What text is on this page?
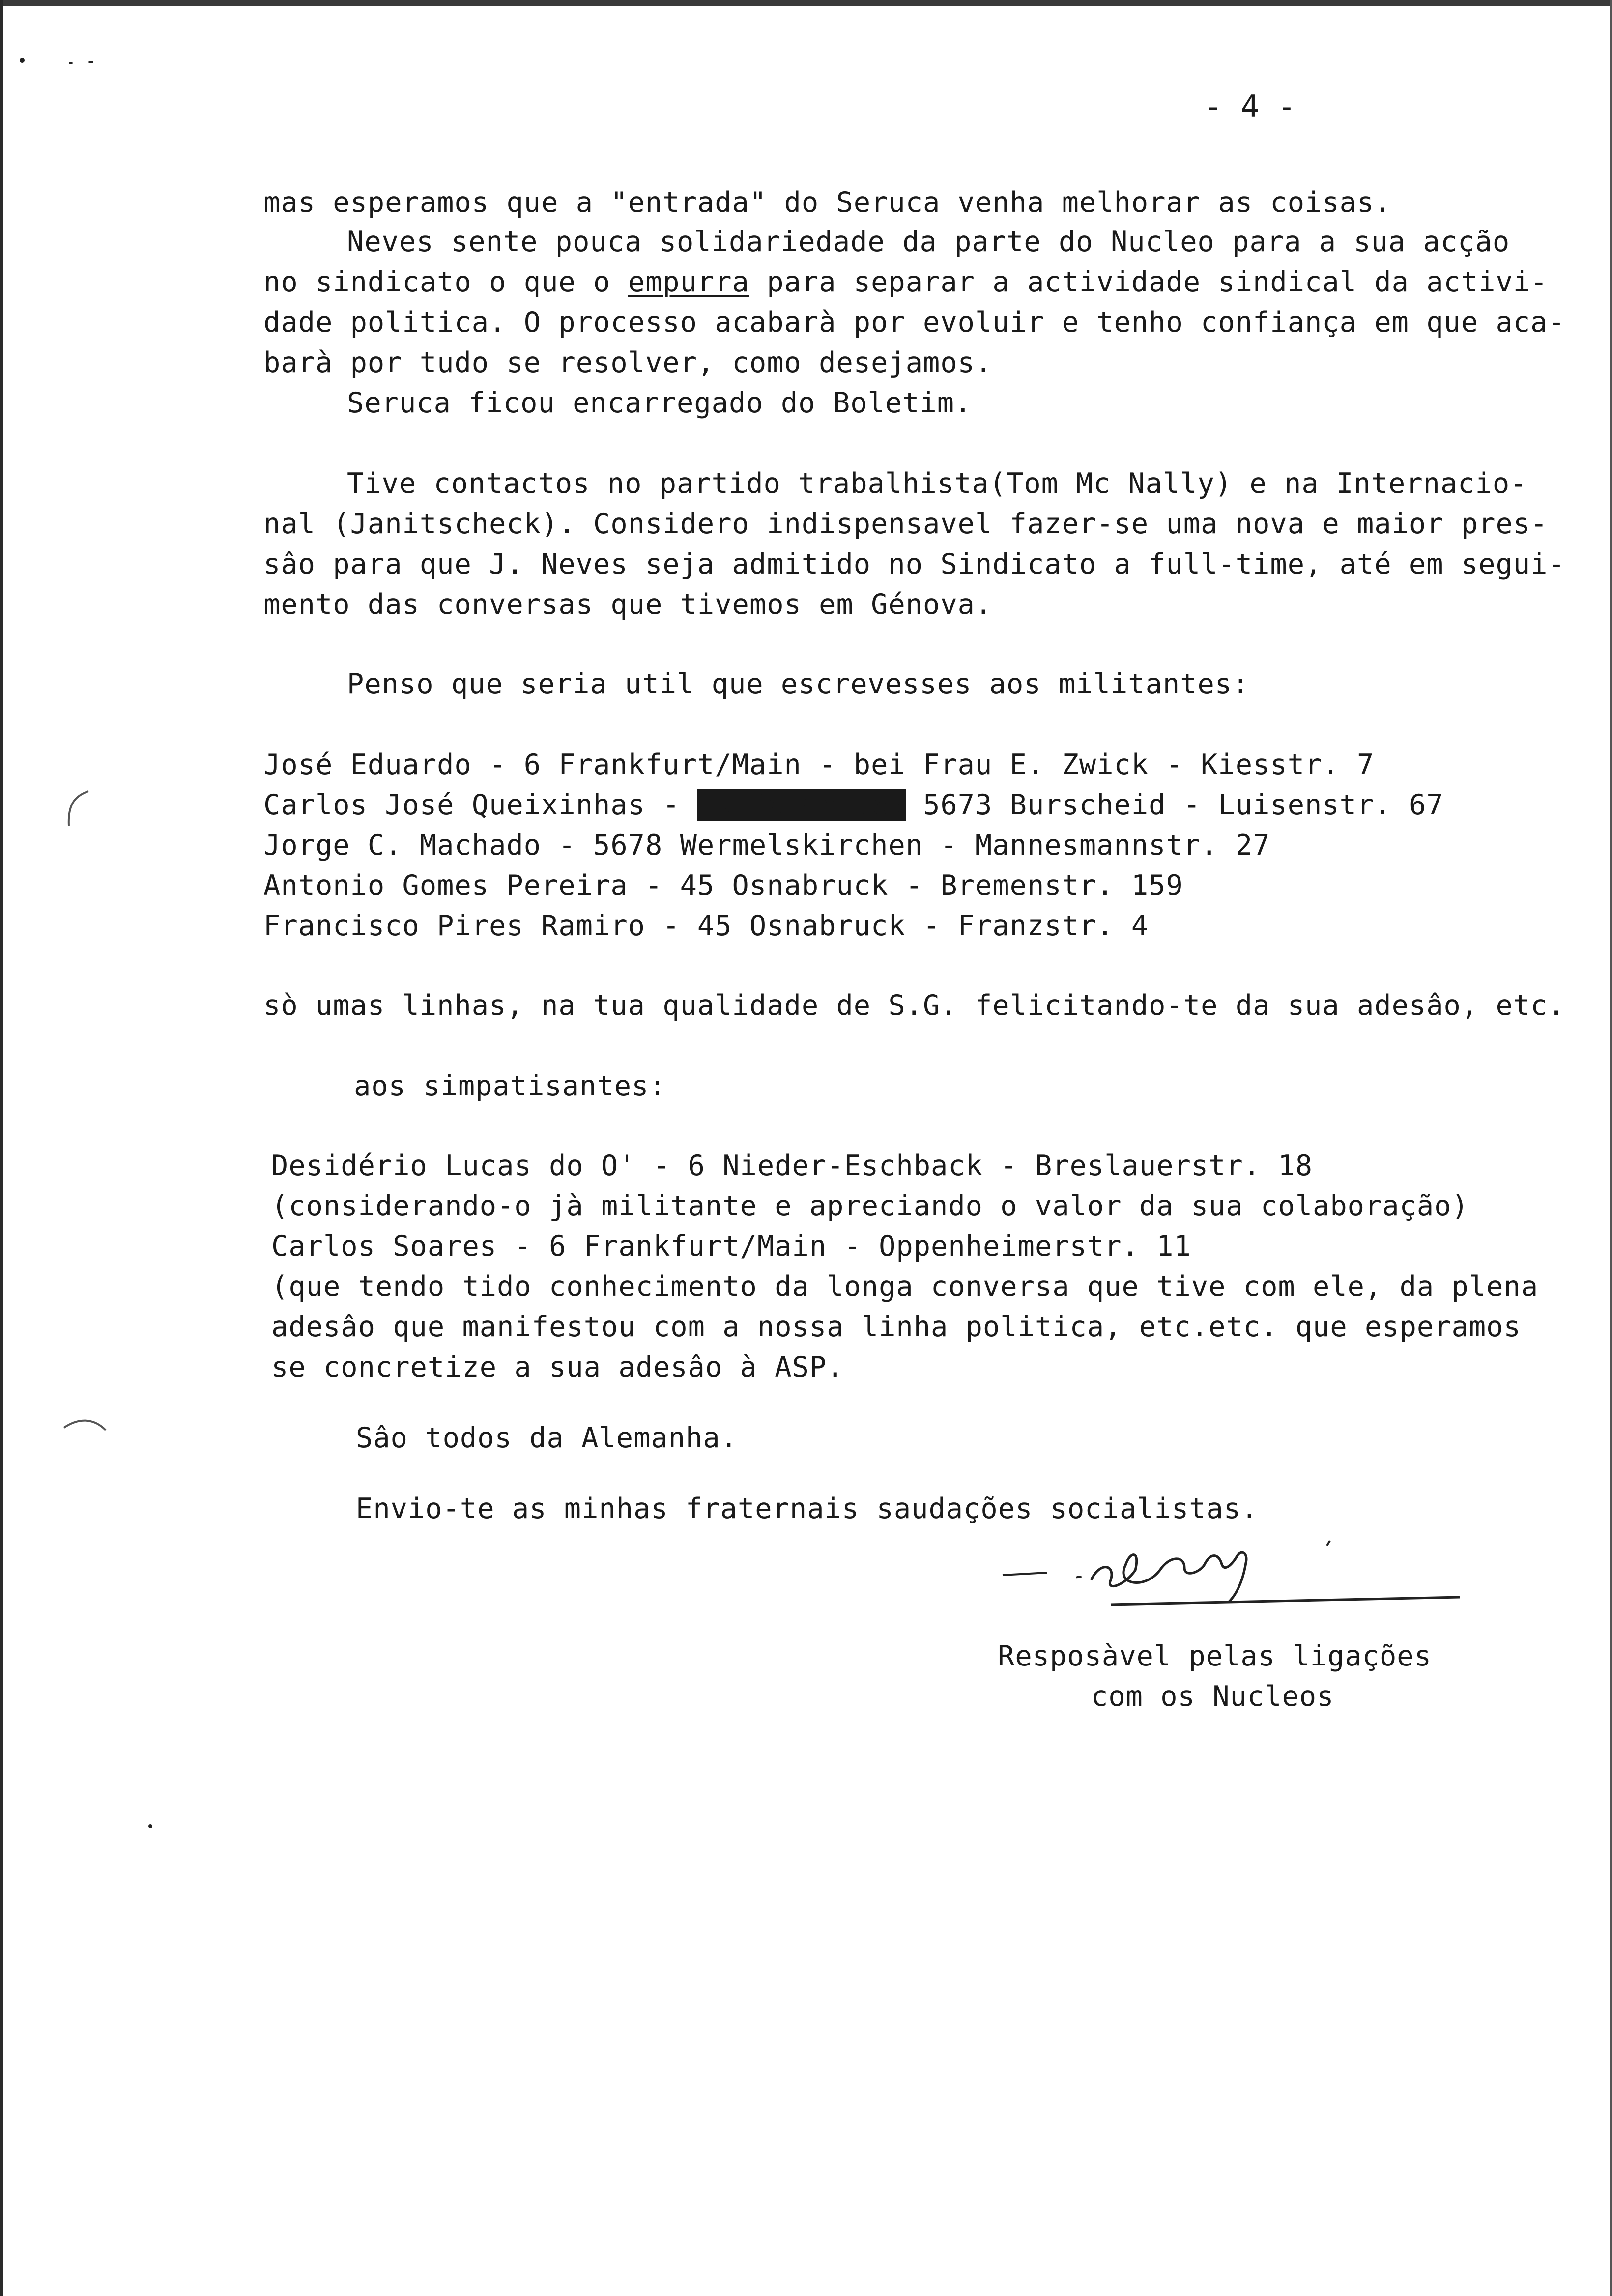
- 4 -
mas esperamos que a "entrada" do Seruca venha melhorar as coisas.
Neves sente pouca solidariedade da parte do Nucleo para a sua acção
no sindicato o que o empurra para separar a actividade sindical da activi-
dade politica. O processo acabarà por evoluir e tenho confiança em que aca-
barà por tudo se resolver, como desejamos.
Seruca ficou encarregado do Boletim.
Tive contactos no partido trabalhista(Tom Mc Nally) e na Internacio-
nal (Janitscheck). Considero indispensavel fazer-se uma nova e maior pres-
sâo para que J. Neves seja admitido no Sindicato a full-time, até em segui-
mento das conversas que tivemos em Génova.
Penso que seria util que escrevesses aos militantes:
José Eduardo - 6 Frankfurt/Main - bei Frau E. Zwick - Kiesstr. 7
Carlos José Queixinhas - 45 Osnabruck 5673 Burscheid - Luisenstr. 67
Jorge C. Machado - 5678 Wermelskirchen - Mannesmannstr. 27
Antonio Gomes Pereira - 45 Osnabruck - Bremenstr. 159
Francisco Pires Ramiro - 45 Osnabruck - Franzstr. 4
sò umas linhas, na tua qualidade de S.G. felicitando-te da sua adesâo, etc.
aos simpatisantes:
Desidério Lucas do O' - 6 Nieder-Eschback - Breslauerstr. 18
(considerando-o jà militante e apreciando o valor da sua colaboração)
Carlos Soares - 6 Frankfurt/Main - Oppenheimerstr. 11
(que tendo tido conhecimento da longa conversa que tive com ele, da plena
adesâo que manifestou com a nossa linha politica, etc.etc. que esperamos
se concretize a sua adesâo à ASP.
Sâo todos da Alemanha.
Envio-te as minhas fraternais saudações socialistas.
Resposàvel pelas ligações
com os Nucleos
